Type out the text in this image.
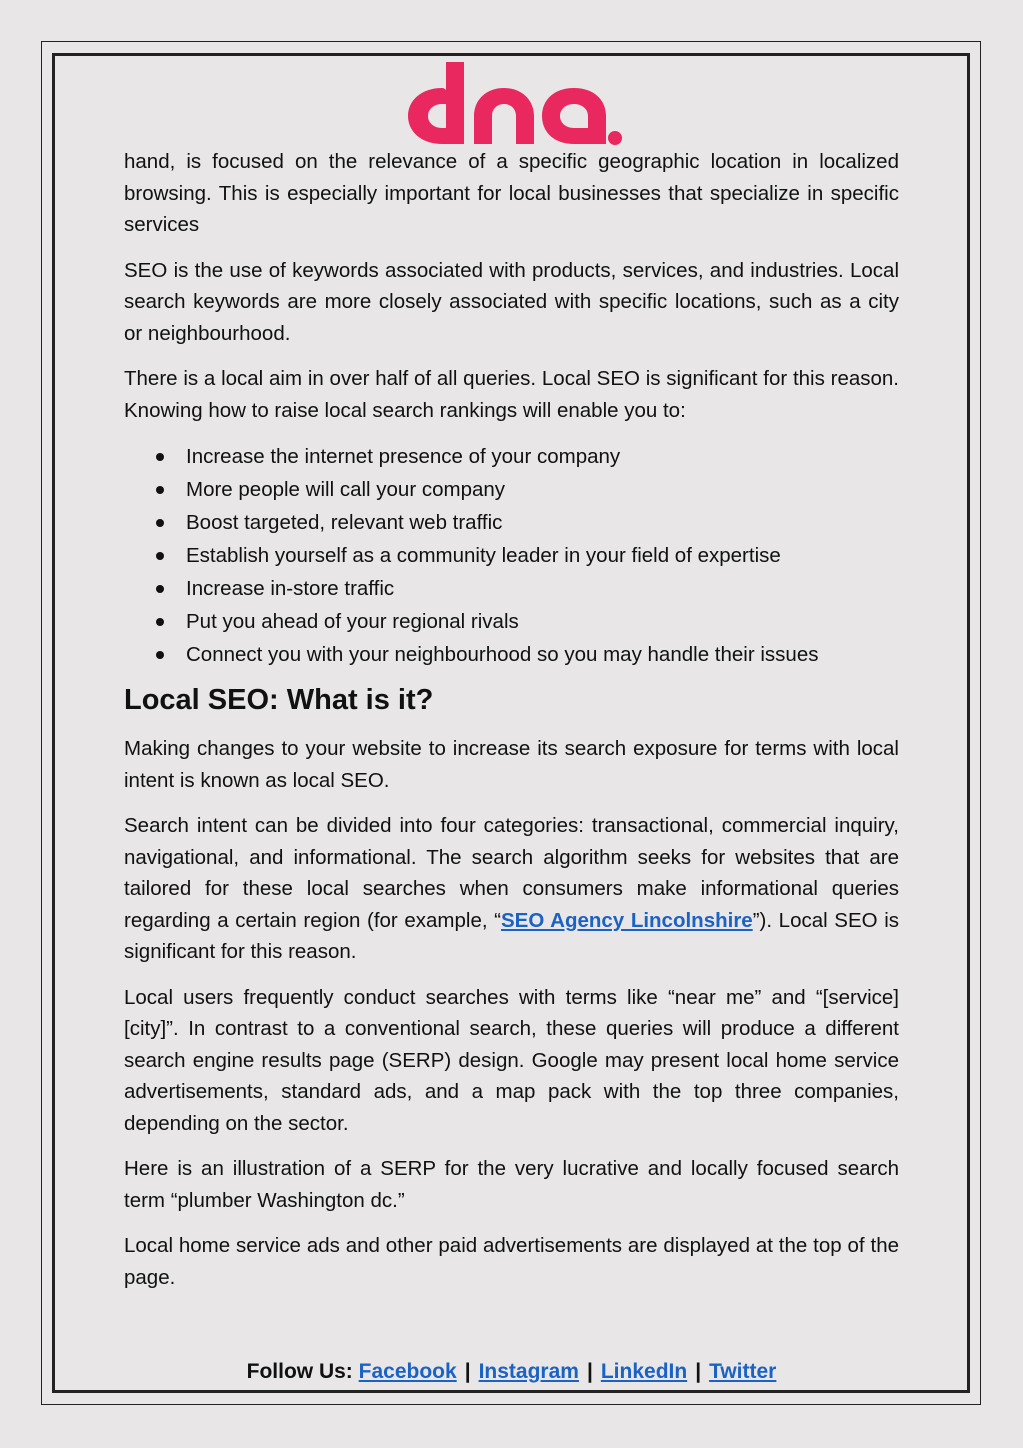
hand, is focused on the relevance of a specific geographic location in localized browsing. This is especially important for local businesses that specialize in specific services

SEO is the use of keywords associated with products, services, and industries. Local search keywords are more closely associated with specific locations, such as a city or neighbourhood.

There is a local aim in over half of all queries. Local SEO is significant for this reason. Knowing how to raise local search rankings will enable you to:

Increase the internet presence of your company
More people will call your company
Boost targeted, relevant web traffic
Establish yourself as a community leader in your field of expertise
Increase in-store traffic
Put you ahead of your regional rivals
Connect you with your neighbourhood so you may handle their issues
Local SEO: What is it?

Making changes to your website to increase its search exposure for terms with local intent is known as local SEO.

Search intent can be divided into four categories: transactional, commercial inquiry, navigational, and informational. The search algorithm seeks for websites that are tailored for these local searches when consumers make informational queries regarding a certain region (for example, “SEO Agency Lincolnshire”). Local SEO is significant for this reason.

Local users frequently conduct searches with terms like “near me” and “[service] [city]”. In contrast to a conventional search, these queries will produce a different search engine results page (SERP) design. Google may present local home service advertisements, standard ads, and a map pack with the top three companies, depending on the sector.

Here is an illustration of a SERP for the very lucrative and locally focused search term “plumber Washington dc.”

Local home service ads and other paid advertisements are displayed at the top of the page.

Follow Us: Facebook | Instagram | LinkedIn | Twitter
